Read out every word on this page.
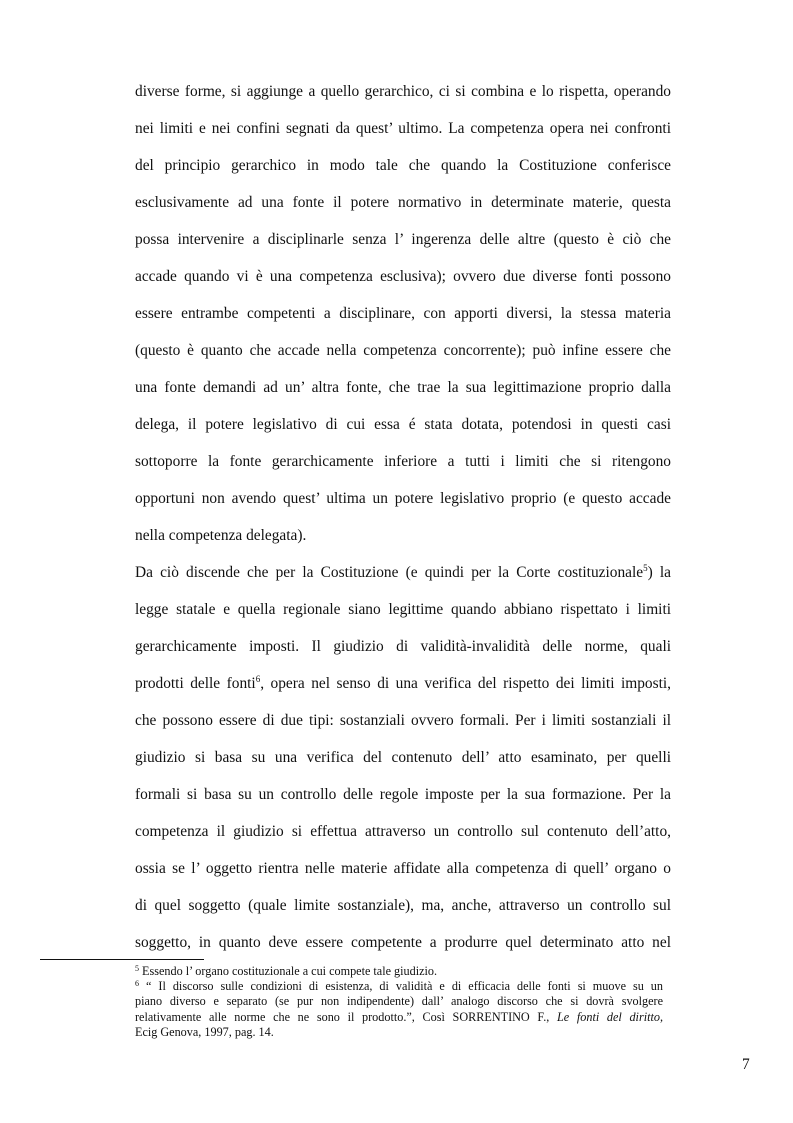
diverse forme, si aggiunge a quello gerarchico, ci si combina e lo rispetta, operando
nei limiti e nei confini segnati da quest’ ultimo. La competenza opera nei confronti
del principio gerarchico in modo tale che quando la Costituzione conferisce
esclusivamente ad una fonte il potere normativo in determinate materie, questa
possa intervenire a disciplinarle senza l’ ingerenza delle altre (questo è ciò che
accade quando vi è una competenza esclusiva); ovvero due diverse fonti possono
essere entrambe competenti a disciplinare, con apporti diversi, la stessa materia
(questo è quanto che accade nella competenza concorrente); può infine essere che
una fonte demandi ad un’ altra fonte, che trae la sua legittimazione proprio dalla
delega, il potere legislativo di cui essa é stata dotata, potendosi in questi casi
sottoporre la fonte gerarchicamente inferiore a tutti i limiti che si ritengono
opportuni non avendo quest’ ultima un potere legislativo proprio (e questo accade
nella competenza delegata).
Da ciò discende che per la Costituzione (e quindi per la Corte costituzionale$^5$) la
legge statale e quella regionale siano legittime quando abbiano rispettato i limiti
gerarchicamente imposti. Il giudizio di validità-invalidità delle norme, quali
prodotti delle fonti$^6$, opera nel senso di una verifica del rispetto dei limiti imposti,
che possono essere di due tipi: sostanziali ovvero formali. Per i limiti sostanziali il
giudizio si basa su una verifica del contenuto dell’ atto esaminato, per quelli
formali si basa su un controllo delle regole imposte per la sua formazione. Per la
competenza il giudizio si effettua attraverso un controllo sul contenuto dell’atto,
ossia se l’ oggetto rientra nelle materie affidate alla competenza di quell’ organo o
di quel soggetto (quale limite sostanziale), ma, anche, attraverso un controllo sul
soggetto, in quanto deve essere competente a produrre quel determinato atto nel
$^5$ Essendo l’ organo costituzionale a cui compete tale giudizio.
$^6$ “ Il discorso sulle condizioni di esistenza, di validità e di efficacia delle fonti si muove su un
piano diverso e separato (se pur non indipendente) dall’ analogo discorso che si dovrà svolgere
relativamente alle norme che ne sono il prodotto.”, Così SORRENTINO F., Le fonti del diritto,
Ecig Genova, 1997, pag. 14.
7
